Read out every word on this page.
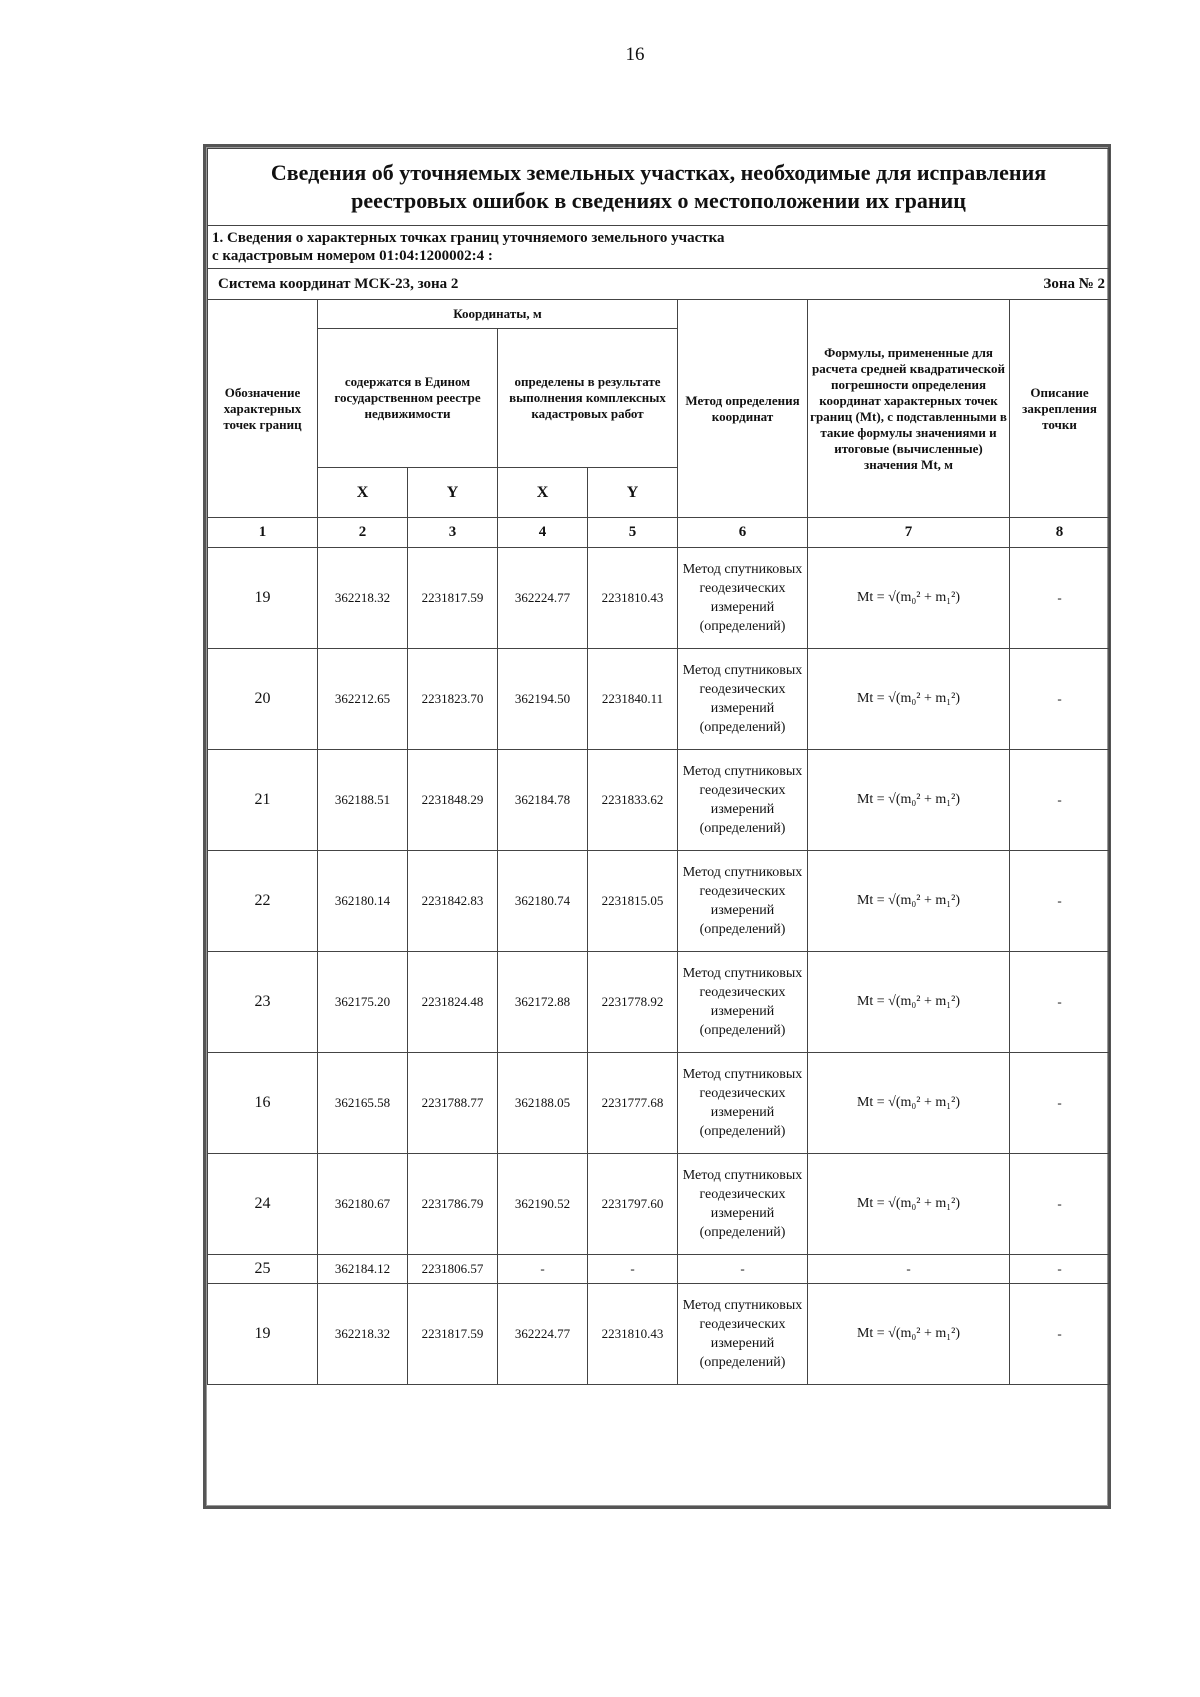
16
Сведения об уточняемых земельных участках, необходимые для исправления реестровых ошибок в сведениях о местоположении их границ							

1. Сведения о характерных точках границ уточняемого земельного участка
с кадастровым номером 01:04:1200002:4 :							

Система координат МСК-23, зона 2 Зона № 2							

Обозначение характерных точек границ	Координаты, м				Метод определения координат	Формулы, примененные для расчета средней квадратической погрешности определения координат характерных точек границ (Mt), с подставленными в такие формулы значениями и итоговые (вычисленные) значения Mt, м	Описание закрепления точки
	содержатся в Едином государственном реестре недвижимости		определены в результате выполнения комплексных кадастровых работ				
	X	Y	X	Y			
1	2	3	4	5	6	7	8
19	362218.32	2231817.59	362224.77	2231810.43	Метод спутниковых геодезических измерений (определений)	Mt = √(m₀² + m₁²)	-
20	362212.65	2231823.70	362194.50	2231840.11	Метод спутниковых геодезических измерений (определений)	Mt = √(m₀² + m₁²)	-
21	362188.51	2231848.29	362184.78	2231833.62	Метод спутниковых геодезических измерений (определений)	Mt = √(m₀² + m₁²)	-
22	362180.14	2231842.83	362180.74	2231815.05	Метод спутниковых геодезических измерений (определений)	Mt = √(m₀² + m₁²)	-
23	362175.20	2231824.48	362172.88	2231778.92	Метод спутниковых геодезических измерений (определений)	Mt = √(m₀² + m₁²)	-
16	362165.58	2231788.77	362188.05	2231777.68	Метод спутниковых геодезических измерений (определений)	Mt = √(m₀² + m₁²)	-
24	362180.67	2231786.79	362190.52	2231797.60	Метод спутниковых геодезических измерений (определений)	Mt = √(m₀² + m₁²)	-
25	362184.12	2231806.57	-	-	-	-	-
19	362218.32	2231817.59	362224.77	2231810.43	Метод спутниковых геодезических измерений (определений)	Mt = √(m₀² + m₁²)	-
